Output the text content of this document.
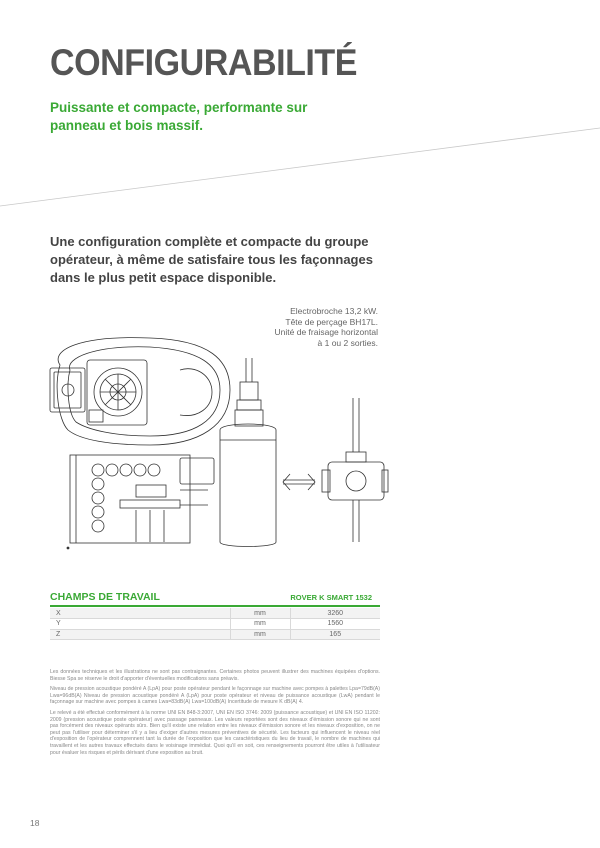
CONFIGURABILITÉ
Puissante et compacte, performante sur panneau et bois massif.
Une configuration complète et compacte du groupe opérateur, à même de satisfaire tous les façonnages dans le plus petit espace disponible.
Electrobroche 13,2 kW.
Tête de perçage BH17L.
Unité de fraisage horizontal
à 1 ou 2 sorties.
CHAMPS DE TRAVAIL	ROVER K SMART 1532
X	mm	3260
Y	mm	1560
Z	mm	165

Les données techniques et les illustrations ne sont pas contraignantes. Certaines photos peuvent illustrer des machines équipées d'options. Biesse Spa se réserve le droit d'apporter d'éventuelles modifications sans préavis.

Niveau de pression acoustique pondéré A (LpA) pour poste opérateur pendant le façonnage sur machine avec pompes à palettes Lpa=79dB(A) Lwa=96dB(A) Niveau de pression acoustique pondéré A (LpA) pour poste opérateur et niveau de puissance acoustique (LwA) pendant le façonnage sur machine avec pompes à cames Lwa=83dB(A) Lwa=100dB(A) Incertitude de mesure K dB(A) 4.

Le relevé a été effectué conformément à la norme UNI EN 848-3:2007, UNI EN ISO 3746: 2009 (puissance acoustique) et UNI EN ISO 11202: 2009 (pression acoustique poste opérateur) avec passage panneaux. Les valeurs reportées sont des niveaux d'émission sonore qui ne sont pas forcément des niveaux opérants sûrs. Bien qu'il existe une relation entre les niveaux d'émission sonore et les niveaux d'exposition, on ne peut pas l'utiliser pour déterminer s'il y a lieu d'exiger d'autres mesures préventives de sécurité. Les facteurs qui influencent le niveau réel d'exposition de l'opérateur comprennent tant la durée de l'exposition que les caractéristiques du lieu de travail, le nombre de machines qui travaillent et les autres travaux effectués dans le voisinage immédiat. Quoi qu'il en soit, ces renseignements pourront être utiles à l'utilisateur pour évaluer les risques et périls dérivant d'une exposition au bruit.

18
